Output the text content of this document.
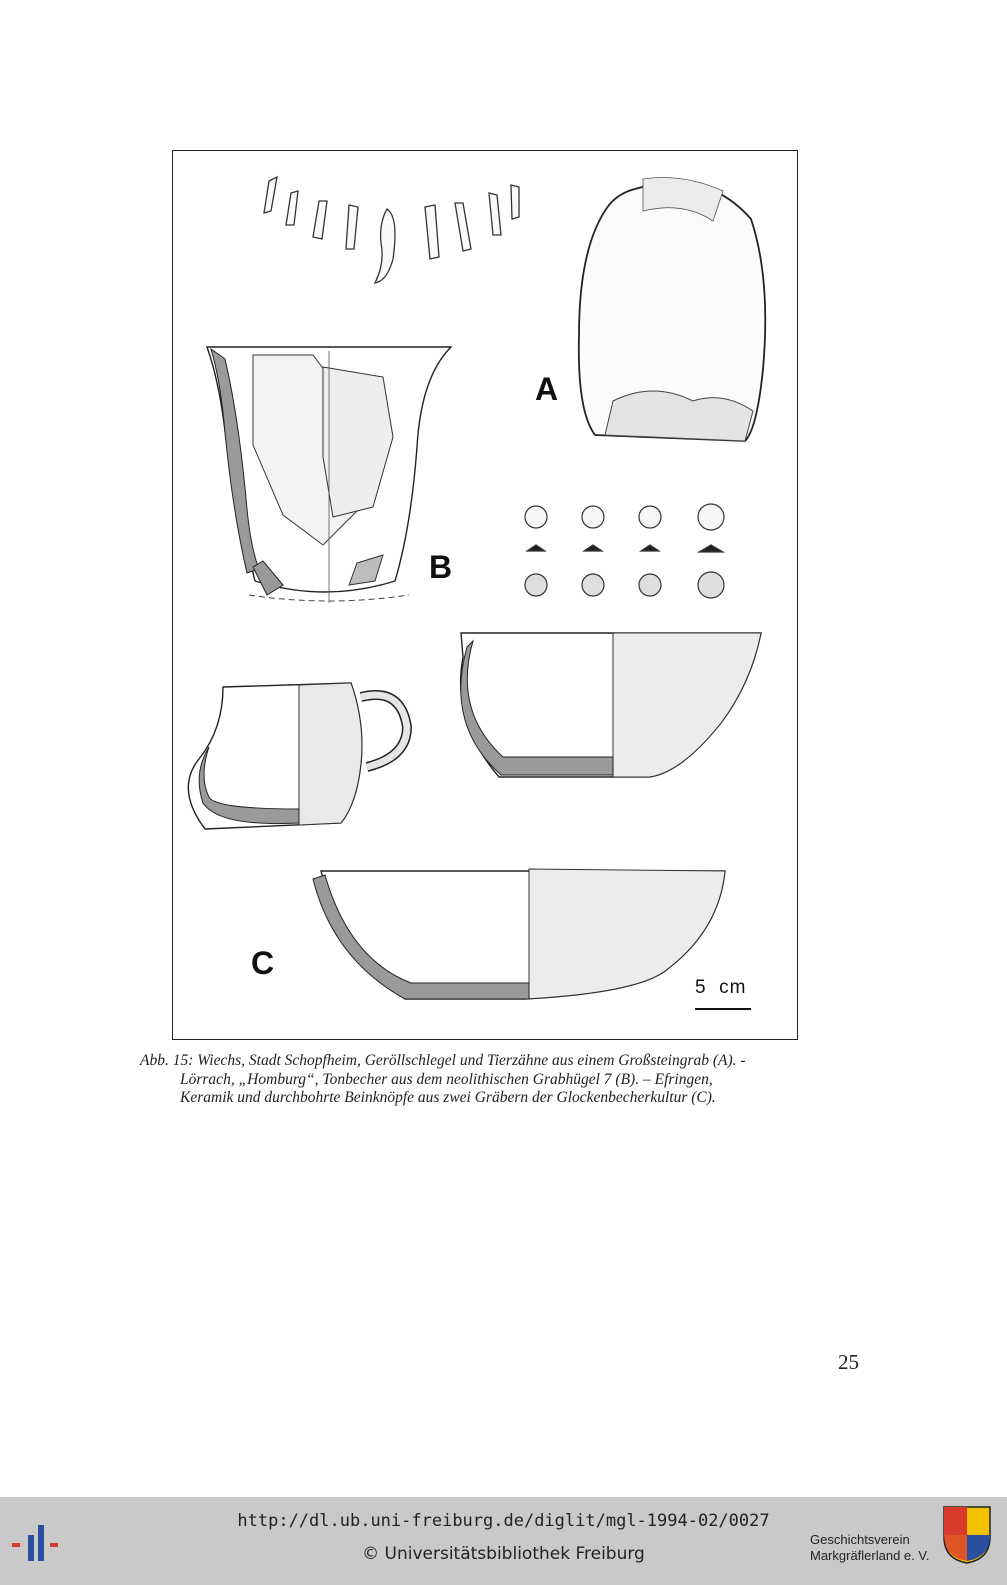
A
B
C
5  cm
Abb. 15: Wiechs, Stadt Schopfheim, Geröllschlegel und Tierzähne aus einem Großsteingrab (A). -
Lörrach, „Homburg“, Tonbecher aus dem neolithischen Grabhügel 7 (B). – Efringen,
Keramik und durchbohrte Beinknöpfe aus zwei Gräbern der Glockenbecherkultur (C).
25
http://dl.ub.uni-freiburg.de/diglit/mgl-1994-02/0027
© Universitätsbibliothek Freiburg
Geschichtsverein
Markgräflerland e. V.
